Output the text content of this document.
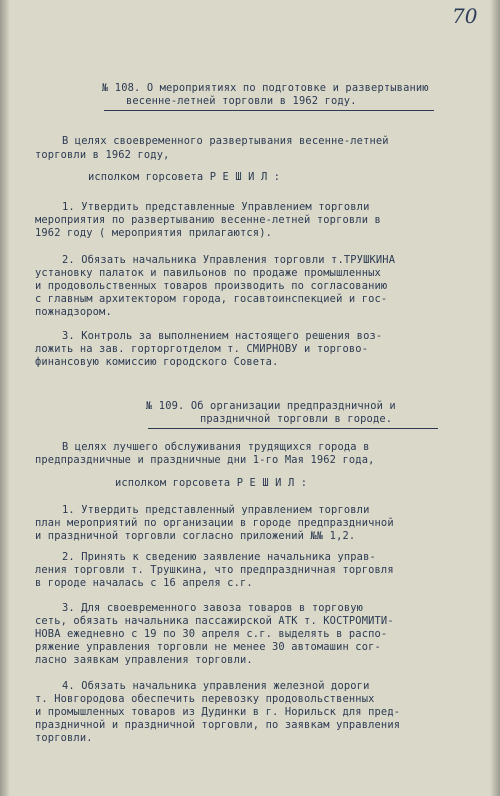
70
№ 108. О мероприятиях по подготовке и развертыванию
весенне-летней торговли в 1962 году.
В целях своевременного развертывания весенне-летней
торговли в 1962 году,
исполком горсовета Р Е Ш И Л :
1. Утвердить представленные Управлением торговли
мероприятия по развертыванию весенне-летней торговли в
1962 году ( мероприятия прилагаются).
2. Обязать начальника Управления торговли т.ТРУШКИНА
установку палаток и павильонов по продаже промышленных
и продовольственных товаров производить по согласованию
с главным архитектором города, госавтоинспекцией и гос-
пожнадзором.
3. Контроль за выполнением настоящего решения воз-
ложить на зав. горторготделом т. СМИРНОВУ и торгово-
финансовую комиссию городского Совета.
№ 109. Об организации предпраздничной и
праздничной торговли в городе.
В целях лучшего обслуживания трудящихся города в
предпраздничные и праздничные дни 1-го Мая 1962 года,
исполком горсовета Р Е Ш И Л :
1. Утвердить представленный управлением торговли
план мероприятий по организации в городе предпраздничной
и праздничной торговли согласно приложений №№ 1,2.
2. Принять к сведению заявление начальника управ-
ления торговли т. Трушкина, что предпраздничная торговля
в городе началась с 16 апреля с.г.
3. Для своевременного завоза товаров в торговую
сеть, обязать начальника пассажирской АТК т. КОСТРОМИТИ-
НОВА ежедневно с 19 по 30 апреля с.г. выделять в распо-
ряжение управления торговли не менее 30 автомашин сог-
ласно заявкам управления торговли.
4. Обязать начальника управления железной дороги
т. Новгородова обеспечить перевозку продовольственных
и промышленных товаров из Дудинки в г. Норильск для пред-
праздничной и праздничной торговли, по заявкам управления
торговли.
